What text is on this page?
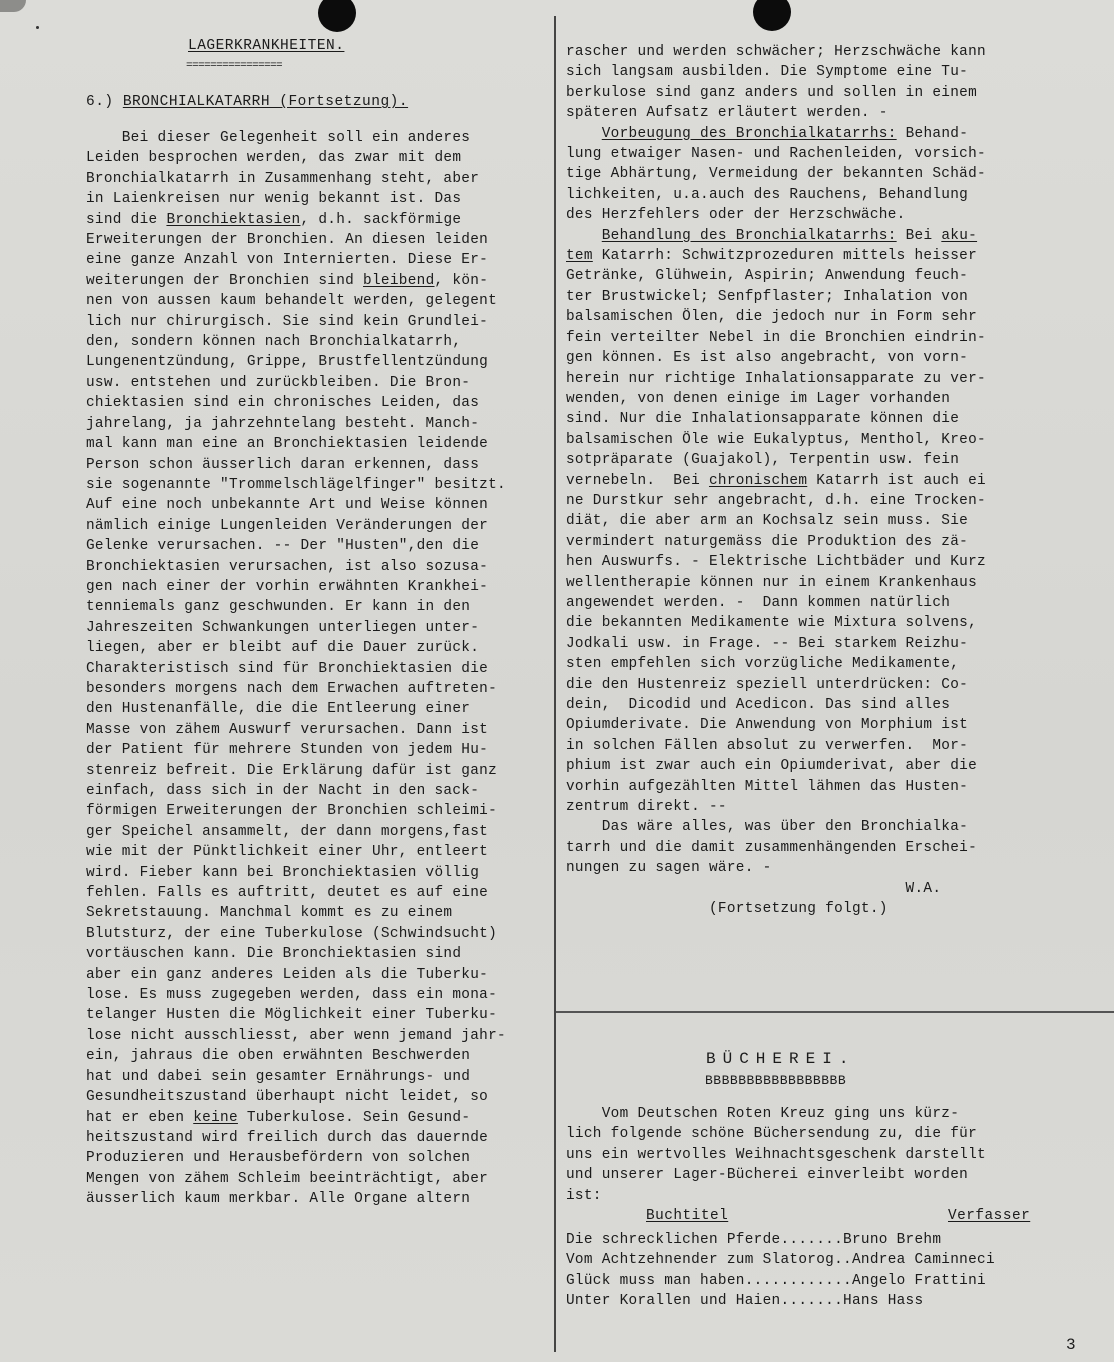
LAGERKRANKHEITEN.
================
6.) BRONCHIALKATARRH (Fortsetzung).
Bei dieser Gelegenheit soll ein anderes
Leiden besprochen werden, das zwar mit dem
Bronchialkatarrh in Zusammenhang steht, aber
in Laienkreisen nur wenig bekannt ist. Das
sind die Bronchiektasien, d.h. sackförmige
Erweiterungen der Bronchien. An diesen leiden
eine ganze Anzahl von Internierten. Diese Er-
weiterungen der Bronchien sind bleibend, kön-
nen von aussen kaum behandelt werden, gelegent
lich nur chirurgisch. Sie sind kein Grundlei-
den, sondern können nach Bronchialkatarrh,
Lungenentzündung, Grippe, Brustfellentzündung
usw. entstehen und zurückbleiben. Die Bron-
chiektasien sind ein chronisches Leiden, das
jahrelang, ja jahrzehntelang besteht. Manch-
mal kann man eine an Bronchiektasien leidende
Person schon äusserlich daran erkennen, dass
sie sogenannte "Trommelschlägelfinger" besitzt.
Auf eine noch unbekannte Art und Weise können
nämlich einige Lungenleiden Veränderungen der
Gelenke verursachen. -- Der "Husten",den die
Bronchiektasien verursachen, ist also sozusa-
gen nach einer der vorhin erwähnten Krankhei-
tenniemals ganz geschwunden. Er kann in den
Jahreszeiten Schwankungen unterliegen unter-
liegen, aber er bleibt auf die Dauer zurück.
Charakteristisch sind für Bronchiektasien die
besonders morgens nach dem Erwachen auftreten-
den Hustenanfälle, die die Entleerung einer
Masse von zähem Auswurf verursachen. Dann ist
der Patient für mehrere Stunden von jedem Hu-
stenreiz befreit. Die Erklärung dafür ist ganz
einfach, dass sich in der Nacht in den sack-
förmigen Erweiterungen der Bronchien schleimi-
ger Speichel ansammelt, der dann morgens,fast
wie mit der Pünktlichkeit einer Uhr, entleert
wird. Fieber kann bei Bronchiektasien völlig
fehlen. Falls es auftritt, deutet es auf eine
Sekretstauung. Manchmal kommt es zu einem
Blutsturz, der eine Tuberkulose (Schwindsucht)
vortäuschen kann. Die Bronchiektasien sind
aber ein ganz anderes Leiden als die Tuberku-
lose. Es muss zugegeben werden, dass ein mona-
telanger Husten die Möglichkeit einer Tuberku-
lose nicht ausschliesst, aber wenn jemand jahr-
ein, jahraus die oben erwähnten Beschwerden
hat und dabei sein gesamter Ernährungs- und
Gesundheitszustand überhaupt nicht leidet, so
hat er eben keine Tuberkulose. Sein Gesund-
heitszustand wird freilich durch das dauernde
Produzieren und Herausbefördern von solchen
Mengen von zähem Schleim beeinträchtigt, aber
äusserlich kaum merkbar. Alle Organe altern
rascher und werden schwächer; Herzschwäche kann
sich langsam ausbilden. Die Symptome eine Tu-
berkulose sind ganz anders und sollen in einem
späteren Aufsatz erläutert werden. -
Vorbeugung des Bronchialkatarrhs: Behand-
lung etwaiger Nasen- und Rachenleiden, vorsich-
tige Abhärtung, Vermeidung der bekannten Schäd-
lichkeiten, u.a.auch des Rauchens, Behandlung
des Herzfehlers oder der Herzschwäche.
Behandlung des Bronchialkatarrhs: Bei aku-
tem Katarrh: Schwitzprozeduren mittels heisser
Getränke, Glühwein, Aspirin; Anwendung feuch-
ter Brustwickel; Senfpflaster; Inhalation von
balsamischen Ölen, die jedoch nur in Form sehr
fein verteilter Nebel in die Bronchien eindrin-
gen können. Es ist also angebracht, von vorn-
herein nur richtige Inhalationsapparate zu ver-
wenden, von denen einige im Lager vorhanden
sind. Nur die Inhalationsapparate können die
balsamischen Öle wie Eukalyptus, Menthol, Kreo-
sotpräparate (Guajakol), Terpentin usw. fein
vernebeln.  Bei chronischem Katarrh ist auch ei
ne Durstkur sehr angebracht, d.h. eine Trocken-
diät, die aber arm an Kochsalz sein muss. Sie
vermindert naturgemäss die Produktion des zä-
hen Auswurfs. - Elektrische Lichtbäder und Kurz
wellentherapie können nur in einem Krankenhaus
angewendet werden. -  Dann kommen natürlich
die bekannten Medikamente wie Mixtura solvens,
Jodkali usw. in Frage. -- Bei starkem Reizhu-
sten empfehlen sich vorzügliche Medikamente,
die den Hustenreiz speziell unterdrücken: Co-
dein,  Dicodid und Acedicon. Das sind alles
Opiumderivate. Die Anwendung von Morphium ist
in solchen Fällen absolut zu verwerfen.  Mor-
phium ist zwar auch ein Opiumderivat, aber die
vorhin aufgezählten Mittel lähmen das Husten-
zentrum direkt. --
Das wäre alles, was über den Bronchialka-
tarrh und die damit zusammenhängenden Erschei-
nungen zu sagen wäre. -
W.A.
(Fortsetzung folgt.)
BÜCHEREI.
BBBBBBBBBBBBBBBBB
Vom Deutschen Roten Kreuz ging uns kürz-
lich folgende schöne Büchersendung zu, die für
uns ein wertvolles Weihnachtsgeschenk darstellt
und unserer Lager-Bücherei einverleibt worden
ist:
Buchtitel	Verfasser
Die schrecklichen Pferde.......Bruno Brehm
Vom Achtzehnender zum Slatorog..Andrea Caminneci
Glück muss man haben............Angelo Frattini
Unter Korallen und Haien.......Hans Hass
3
